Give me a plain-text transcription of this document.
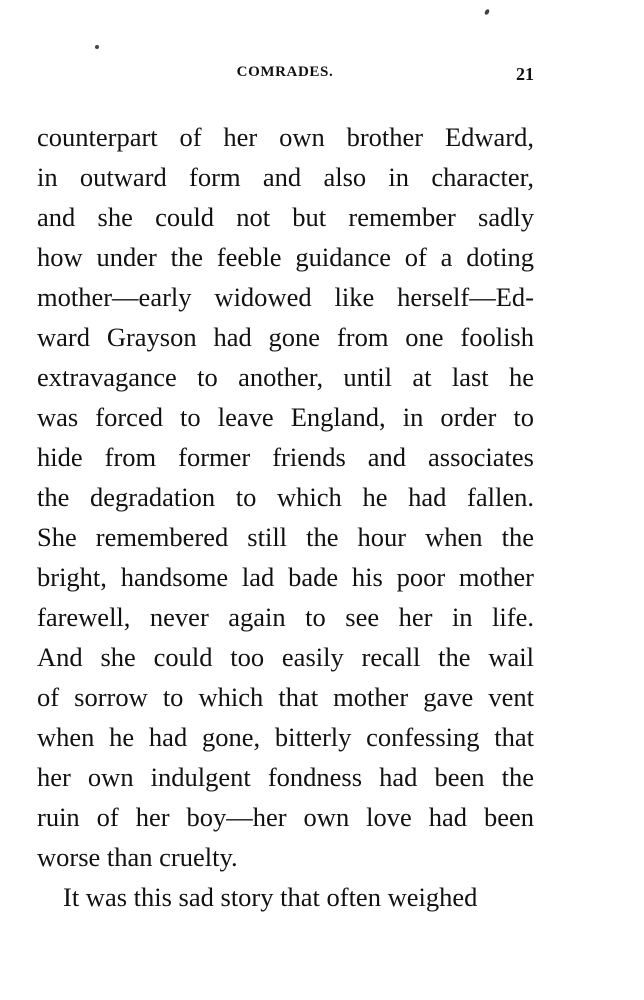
COMRADES.	21
counterpart of her own brother Edward,
in outward form and also in character,
and she could not but remember sadly
how under the feeble guidance of a doting
mother—early widowed like herself—Ed-
ward Grayson had gone from one foolish
extravagance to another, until at last he
was forced to leave England, in order to
hide from former friends and associates
the degradation to which he had fallen.
She remembered still the hour when the
bright, handsome lad bade his poor mother
farewell, never again to see her in life.
And she could too easily recall the wail
of sorrow to which that mother gave vent
when he had gone, bitterly confessing that
her own indulgent fondness had been the
ruin of her boy—her own love had been
worse than cruelty.
It was this sad story that often weighed
